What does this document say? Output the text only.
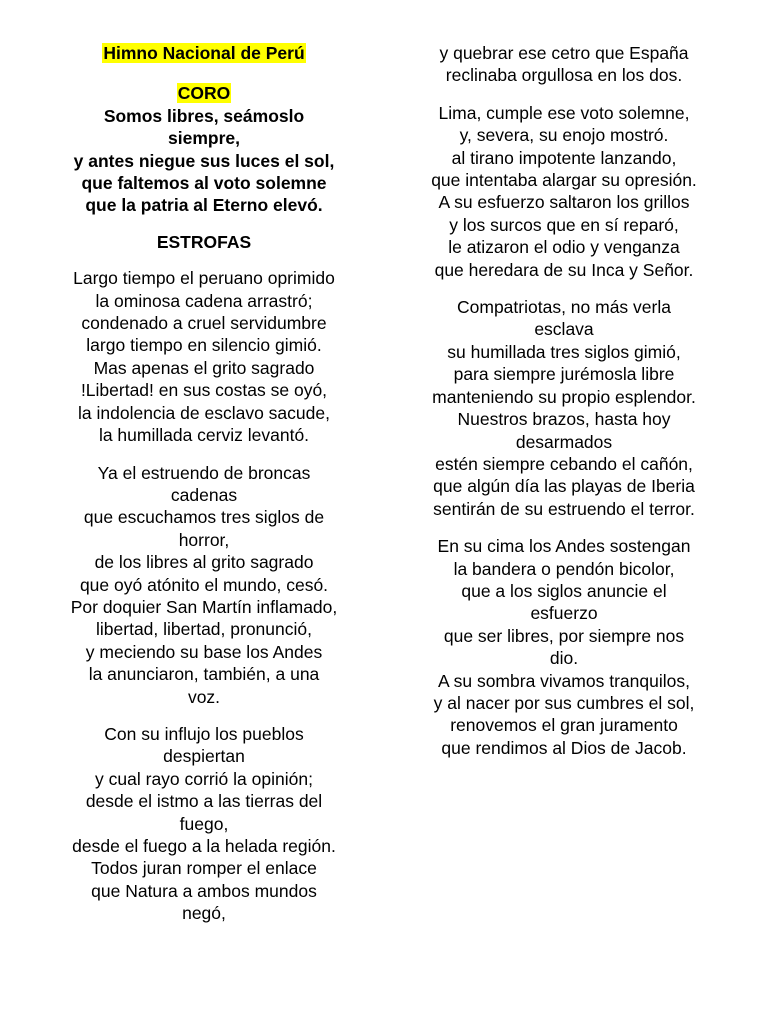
Himno Nacional de Perú
CORO
Somos libres, seámoslo
siempre,
y antes niegue sus luces el sol,
que faltemos al voto solemne
que la patria al Eterno elevó.
ESTROFAS
Largo tiempo el peruano oprimido
la ominosa cadena arrastró;
condenado a cruel servidumbre
largo tiempo en silencio gimió.
Mas apenas el grito sagrado
!Libertad! en sus costas se oyó,
la indolencia de esclavo sacude,
la humillada cerviz levantó.
Ya el estruendo de broncas
cadenas
que escuchamos tres siglos de
horror,
de los libres al grito sagrado
que oyó atónito el mundo, cesó.
Por doquier San Martín inflamado,
libertad, libertad, pronunció,
y meciendo su base los Andes
la anunciaron, también, a una
voz.
Con su influjo los pueblos
despiertan
y cual rayo corrió la opinión;
desde el istmo a las tierras del
fuego,
desde el fuego a la helada región.
Todos juran romper el enlace
que Natura a ambos mundos
negó,
y quebrar ese cetro que España
reclinaba orgullosa en los dos.
Lima, cumple ese voto solemne,
y, severa, su enojo mostró.
al tirano impotente lanzando,
que intentaba alargar su opresión.
A su esfuerzo saltaron los grillos
y los surcos que en sí reparó,
le atizaron el odio y venganza
que heredara de su Inca y Señor.
Compatriotas, no más verla
esclava
su humillada tres siglos gimió,
para siempre jurémosla libre
manteniendo su propio esplendor.
Nuestros brazos, hasta hoy
desarmados
estén siempre cebando el cañón,
que algún día las playas de Iberia
sentirán de su estruendo el terror.
En su cima los Andes sostengan
la bandera o pendón bicolor,
que a los siglos anuncie el
esfuerzo
que ser libres, por siempre nos
dio.
A su sombra vivamos tranquilos,
y al nacer por sus cumbres el sol,
renovemos el gran juramento
que rendimos al Dios de Jacob.
